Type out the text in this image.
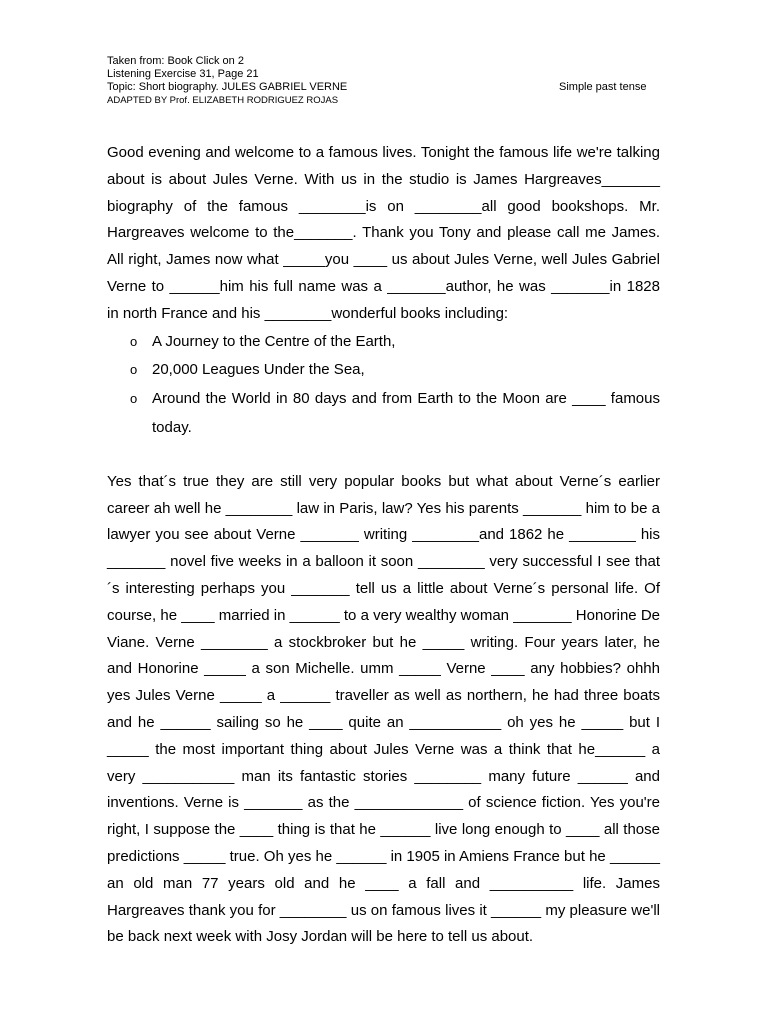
Taken from: Book Click on 2
Listening Exercise 31, Page 21
Topic: Short biography. JULES GABRIEL VERNE	Simple past tense
ADAPTED BY Prof. ELIZABETH RODRIGUEZ ROJAS

Good evening and welcome to a famous lives. Tonight the famous life we're talking about is about Jules Verne. With us in the studio is James Hargreaves_______ biography of the famous ________is on ________all good bookshops. Mr. Hargreaves welcome to the_______. Thank you Tony and please call me James. All right, James now what _____you ____ us about Jules Verne, well Jules Gabriel Verne to ______him his full name was a _______author, he was _______in 1828 in north France and his ________wonderful books including:

o A Journey to the Centre of the Earth,
o 20,000 Leagues Under the Sea,
o Around the World in 80 days and from Earth to the Moon are ____ famous today.

Yes that´s true they are still very popular books but what about Verne´s earlier career ah well he ________ law in Paris, law? Yes his parents _______ him to be a lawyer you see about Verne _______ writing ________and 1862 he ________ his _______ novel five weeks in a balloon it soon ________ very successful I see that´s interesting perhaps you _______ tell us a little about Verne´s personal life. Of course, he ____ married in ______ to a very wealthy woman _______ Honorine De Viane. Verne ________ a stockbroker but he _____ writing. Four years later, he and Honorine _____ a son Michelle. umm _____ Verne ____ any hobbies? ohhh yes Jules Verne _____ a ______ traveller as well as northern, he had three boats and he ______ sailing so he ____ quite an ___________ oh yes he _____ but I _____ the most important thing about Jules Verne was a think that he______ a very ___________ man its fantastic stories ________ many future ______ and inventions. Verne is _______ as the _____________ of science fiction. Yes you're right, I suppose the ____ thing is that he ______ live long enough to ____ all those predictions _____ true. Oh yes he ______ in 1905 in Amiens France but he ______ an old man 77 years old and he ____ a fall and __________ life. James Hargreaves thank you for ________ us on famous lives it ______ my pleasure we'll be back next week with Josy Jordan will be here to tell us about.
